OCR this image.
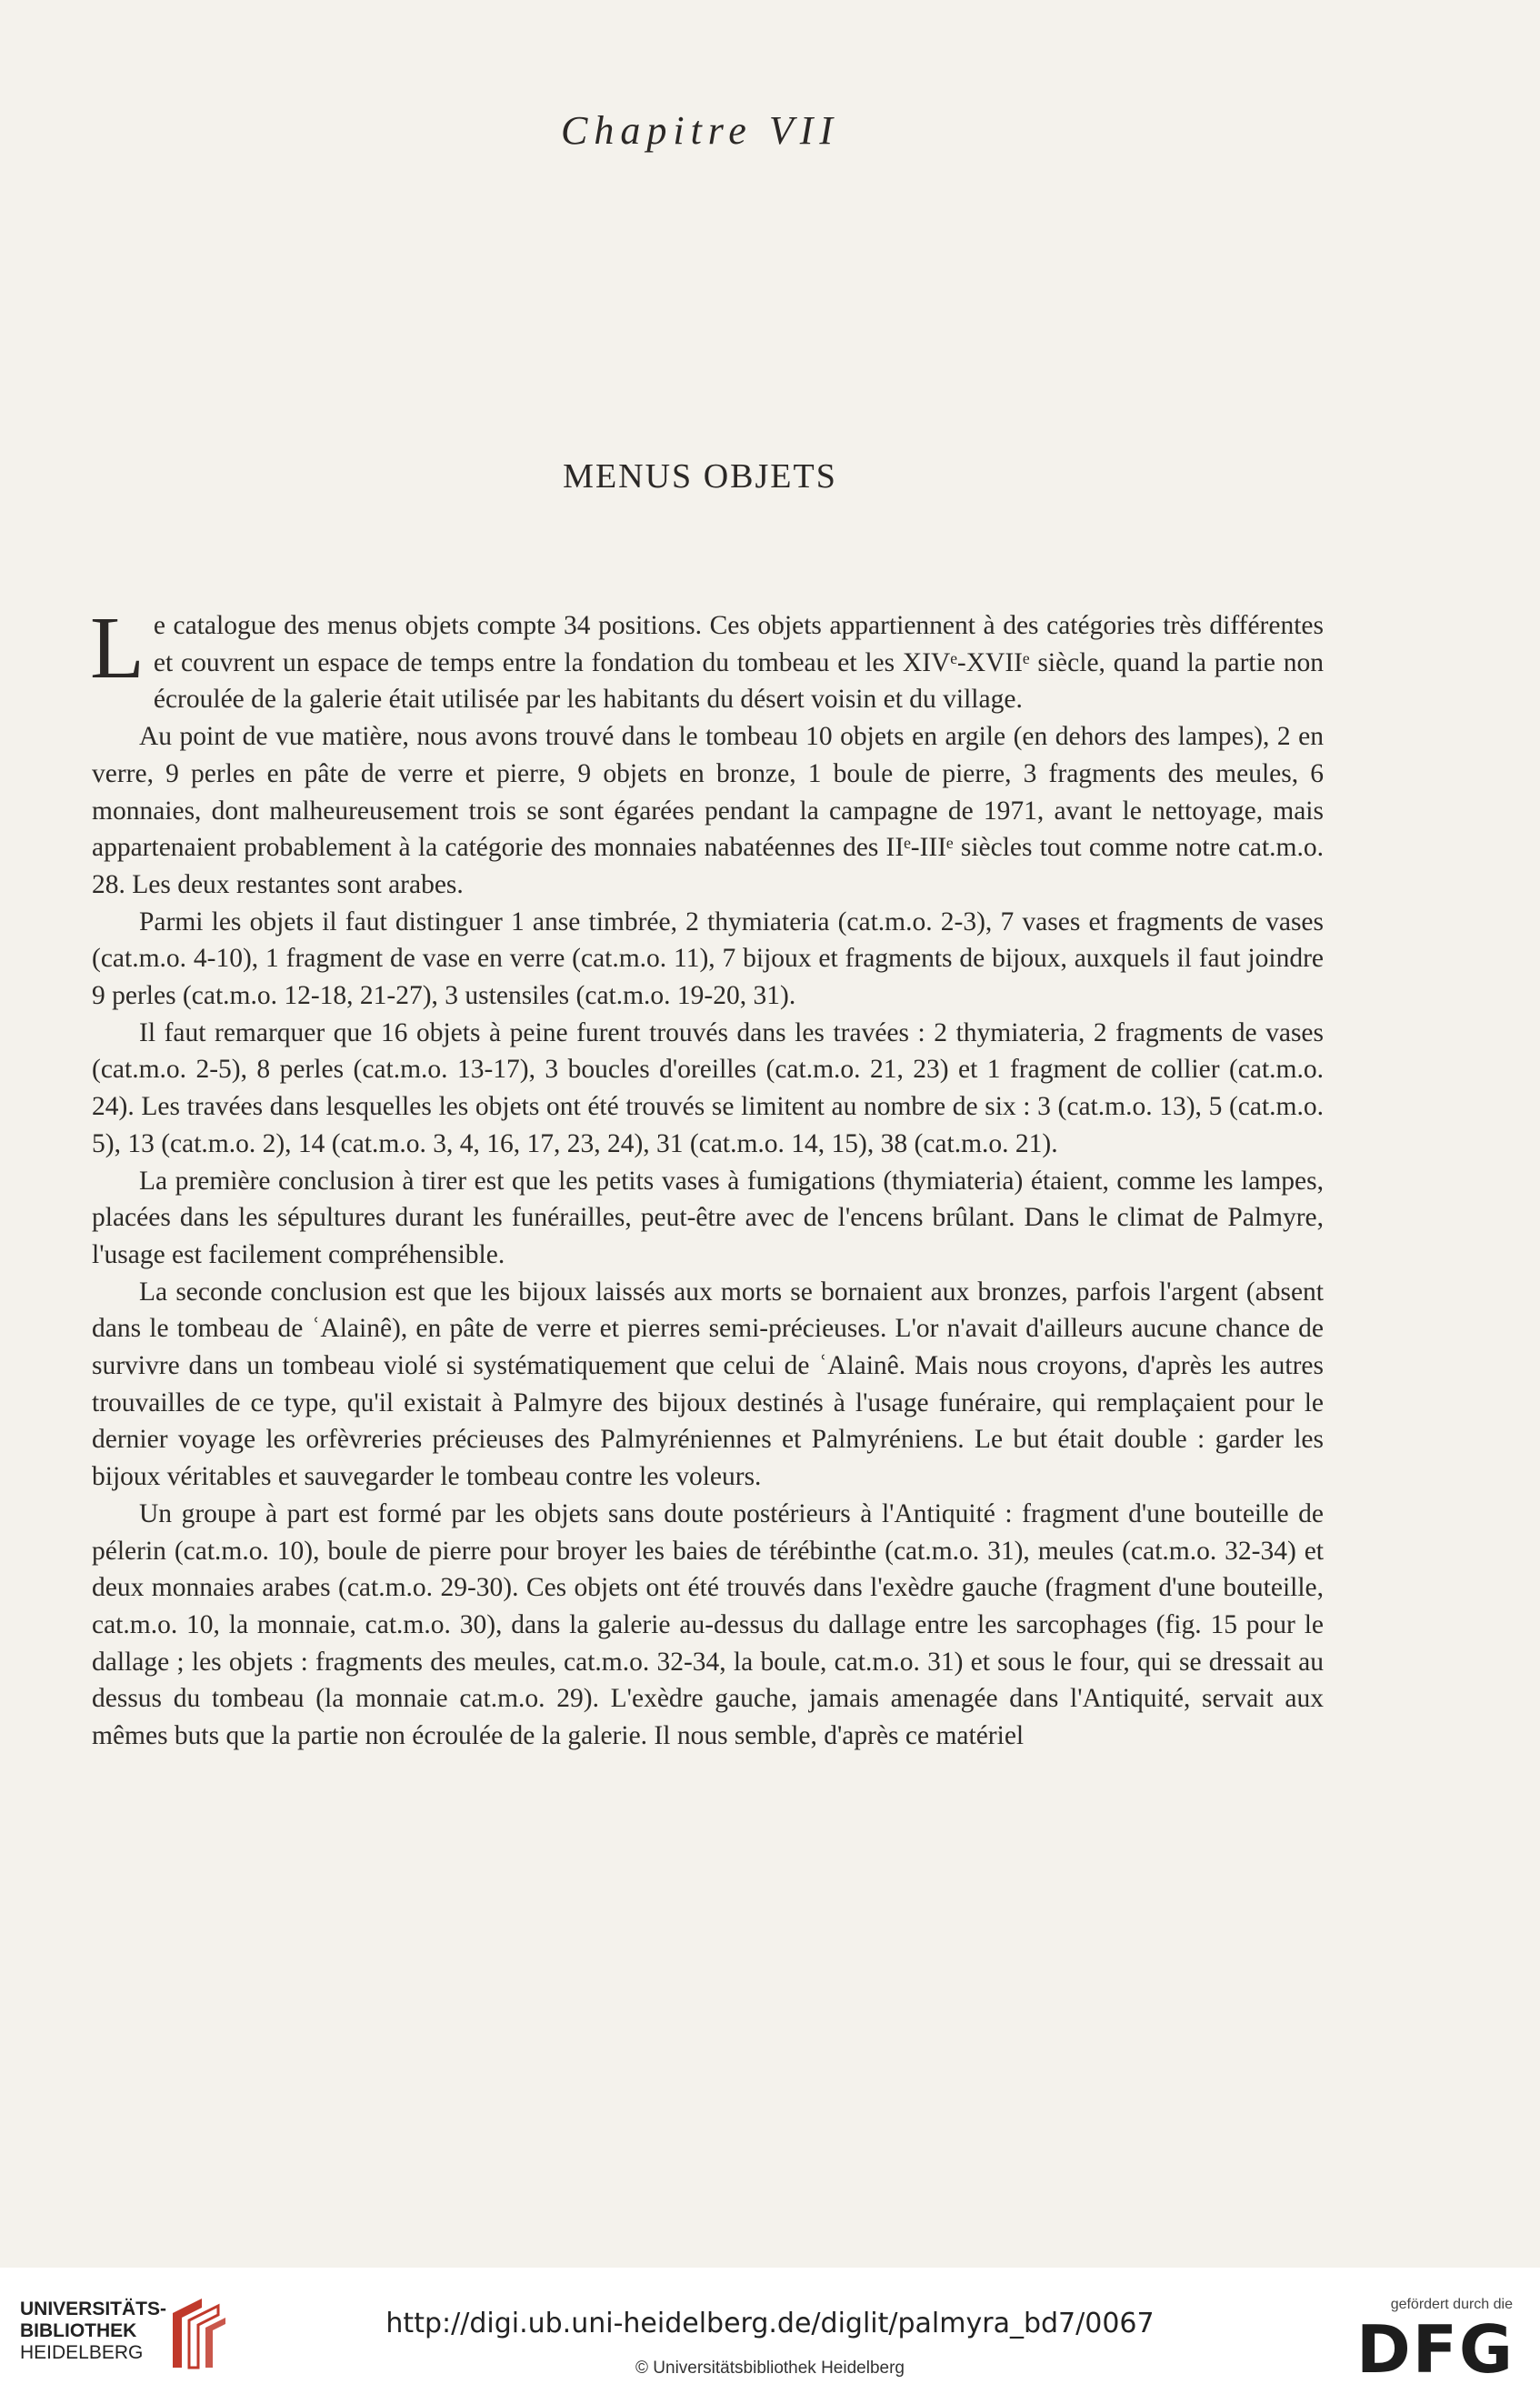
Chapitre VII
MENUS OBJETS

Le catalogue des menus objets compte 34 positions. Ces objets appartiennent à des catégories très différentes et couvrent un espace de temps entre la fondation du tombeau et les XIVᵉ-XVIIᵉ siècle, quand la partie non écroulée de la galerie était utilisée par les habitants du désert voisin et du village.

Au point de vue matière, nous avons trouvé dans le tombeau 10 objets en argile (en dehors des lampes), 2 en verre, 9 perles en pâte de verre et pierre, 9 objets en bronze, 1 boule de pierre, 3 fragments des meules, 6 monnaies, dont malheureusement trois se sont égarées pendant la campagne de 1971, avant le nettoyage, mais appartenaient probablement à la catégorie des monnaies nabatéennes des IIᵉ-IIIᵉ siècles tout comme notre cat.m.o. 28. Les deux restantes sont arabes.

Parmi les objets il faut distinguer 1 anse timbrée, 2 thymiateria (cat.m.o. 2-3), 7 vases et fragments de vases (cat.m.o. 4-10), 1 fragment de vase en verre (cat.m.o. 11), 7 bijoux et fragments de bijoux, auxquels il faut joindre 9 perles (cat.m.o. 12-18, 21-27), 3 ustensiles (cat.m.o. 19-20, 31).

Il faut remarquer que 16 objets à peine furent trouvés dans les travées : 2 thymiateria, 2 fragments de vases (cat.m.o. 2-5), 8 perles (cat.m.o. 13-17), 3 boucles d'oreilles (cat.m.o. 21, 23) et 1 fragment de collier (cat.m.o. 24). Les travées dans lesquelles les objets ont été trouvés se limitent au nombre de six : 3 (cat.m.o. 13), 5 (cat.m.o. 5), 13 (cat.m.o. 2), 14 (cat.m.o. 3, 4, 16, 17, 23, 24), 31 (cat.m.o. 14, 15), 38 (cat.m.o. 21).

La première conclusion à tirer est que les petits vases à fumigations (thymiateria) étaient, comme les lampes, placées dans les sépultures durant les funérailles, peut-être avec de l'encens brûlant. Dans le climat de Palmyre, l'usage est facilement compréhensible.

La seconde conclusion est que les bijoux laissés aux morts se bornaient aux bronzes, parfois l'argent (absent dans le tombeau de ʿAlainê), en pâte de verre et pierres semi-précieuses. L'or n'avait d'ailleurs aucune chance de survivre dans un tombeau violé si systématiquement que celui de ʿAlainê. Mais nous croyons, d'après les autres trouvailles de ce type, qu'il existait à Palmyre des bijoux destinés à l'usage funéraire, qui remplaçaient pour le dernier voyage les orfèvreries précieuses des Palmyréniennes et Palmyréniens. Le but était double : garder les bijoux véritables et sauvegarder le tombeau contre les voleurs.

Un groupe à part est formé par les objets sans doute postérieurs à l'Antiquité : fragment d'une bouteille de pélerin (cat.m.o. 10), boule de pierre pour broyer les baies de térébinthe (cat.m.o. 31), meules (cat.m.o. 32-34) et deux monnaies arabes (cat.m.o. 29-30). Ces objets ont été trouvés dans l'exèdre gauche (fragment d'une bouteille, cat.m.o. 10, la monnaie, cat.m.o. 30), dans la galerie au-dessus du dallage entre les sarcophages (fig. 15 pour le dallage ; les objets : fragments des meules, cat.m.o. 32-34, la boule, cat.m.o. 31) et sous le four, qui se dressait au dessus du tombeau (la monnaie cat.m.o. 29). L'exèdre gauche, jamais amenagée dans l'Antiquité, servait aux mêmes buts que la partie non écroulée de la galerie. Il nous semble, d'après ce matériel

UNIVERSITÄTS-
BIBLIOTHEK
HEIDELBERG
http://digi.ub.uni-heidelberg.de/diglit/palmyra_bd7/0067
© Universitätsbibliothek Heidelberg
gefördert durch die
DFG
